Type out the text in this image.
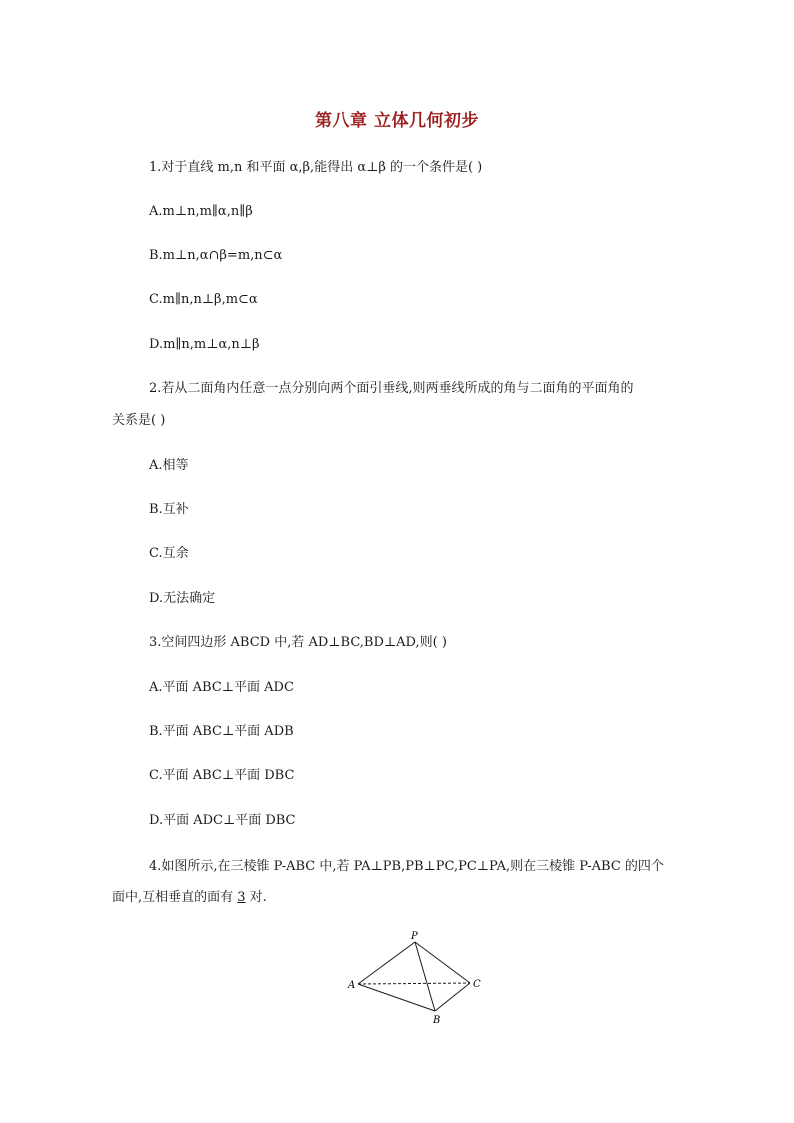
第八章 立体几何初步
1.对于直线 m,n 和平面 α,β,能得出 α⊥β 的一个条件是( )
A.m⊥n,m∥α,n∥β
B.m⊥n,α∩β=m,n⊂α
C.m∥n,n⊥β,m⊂α
D.m∥n,m⊥α,n⊥β
2.若从二面角内任意一点分别向两个面引垂线,则两垂线所成的角与二面角的平面角的
关系是( )
A.相等
B.互补
C.互余
D.无法确定
3.空间四边形 ABCD 中,若 AD⊥BC,BD⊥AD,则( )
A.平面 ABC⊥平面 ADC
B.平面 ABC⊥平面 ADB
C.平面 ABC⊥平面 DBC
D.平面 ADC⊥平面 DBC
4.如图所示,在三棱锥 P-ABC 中,若 PA⊥PB,PB⊥PC,PC⊥PA,则在三棱锥 P-ABC 的四个
面中,互相垂直的面有 3 对.
P
A
B
C
